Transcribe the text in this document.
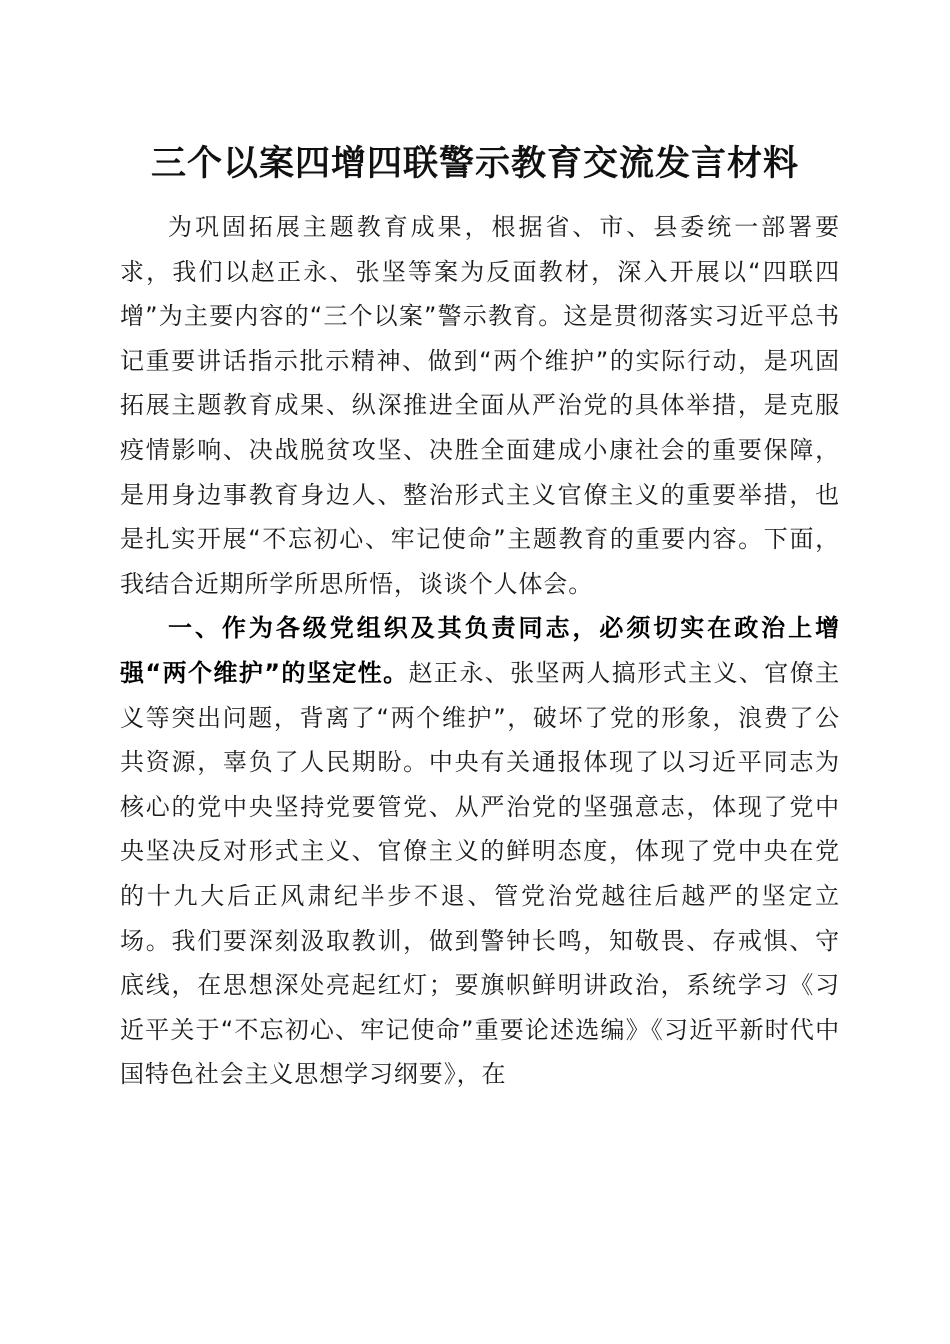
三个以案四增四联警示教育交流发言材料

为巩固拓展主题教育成果，根据省、市、县委统一部署要求，我们以赵正永、张坚等案为反面教材，深入开展以“四联四增”为主要内容的“三个以案”警示教育。这是贯彻落实习近平总书记重要讲话指示批示精神、做到“两个维护”的实际行动，是巩固拓展主题教育成果、纵深推进全面从严治党的具体举措，是克服疫情影响、决战脱贫攻坚、决胜全面建成小康社会的重要保障，是用身边事教育身边人、整治形式主义官僚主义的重要举措，也是扎实开展“不忘初心、牢记使命”主题教育的重要内容。下面，我结合近期所学所思所悟，谈谈个人体会。

一、作为各级党组织及其负责同志，必须切实在政治上增强“两个维护”的坚定性。赵正永、张坚两人搞形式主义、官僚主义等突出问题，背离了“两个维护”，破坏了党的形象，浪费了公共资源，辜负了人民期盼。中央有关通报体现了以习近平同志为核心的党中央坚持党要管党、从严治党的坚强意志，体现了党中央坚决反对形式主义、官僚主义的鲜明态度，体现了党中央在党的十九大后正风肃纪半步不退、管党治党越往后越严的坚定立场。我们要深刻汲取教训，做到警钟长鸣，知敬畏、存戒惧、守底线，在思想深处亮起红灯；要旗帜鲜明讲政治，系统学习《习近平关于“不忘初心、牢记使命”重要论述选编》《习近平新时代中国特色社会主义思想学习纲要》，在
